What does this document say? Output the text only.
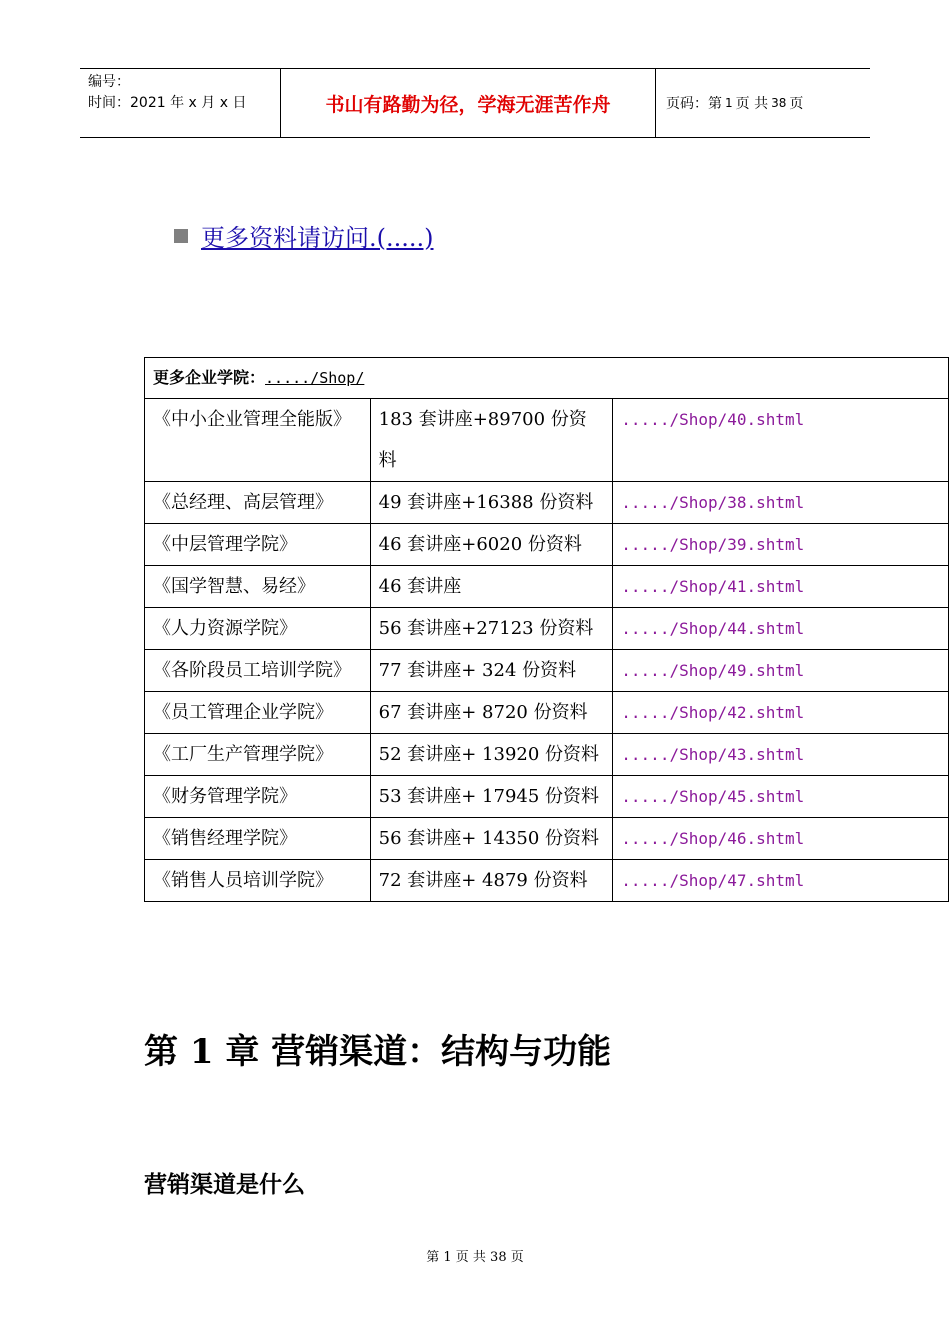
编号：
时间：2021 年 x 月 x 日	书山有路勤为径，学海无涯苦作舟	页码：第 1 页 共 38 页
更多资料请访问.(.....)
更多企业学院：...../Shop/		
《中小企业管理全能版》	183 套讲座+89700 份资料	...../Shop/40.shtml
《总经理、高层管理》	49 套讲座+16388 份资料	...../Shop/38.shtml
《中层管理学院》	46 套讲座+6020 份资料	...../Shop/39.shtml
《国学智慧、易经》	46 套讲座	...../Shop/41.shtml
《人力资源学院》	56 套讲座+27123 份资料	...../Shop/44.shtml
《各阶段员工培训学院》	77 套讲座+ 324 份资料	...../Shop/49.shtml
《员工管理企业学院》	67 套讲座+ 8720 份资料	...../Shop/42.shtml
《工厂生产管理学院》	52 套讲座+ 13920 份资料	...../Shop/43.shtml
《财务管理学院》	53 套讲座+ 17945 份资料	...../Shop/45.shtml
《销售经理学院》	56 套讲座+ 14350 份资料	...../Shop/46.shtml
《销售人员培训学院》	72 套讲座+ 4879 份资料	...../Shop/47.shtml
第 1 章 营销渠道：结构与功能
营销渠道是什么
第 1 页 共 38 页
